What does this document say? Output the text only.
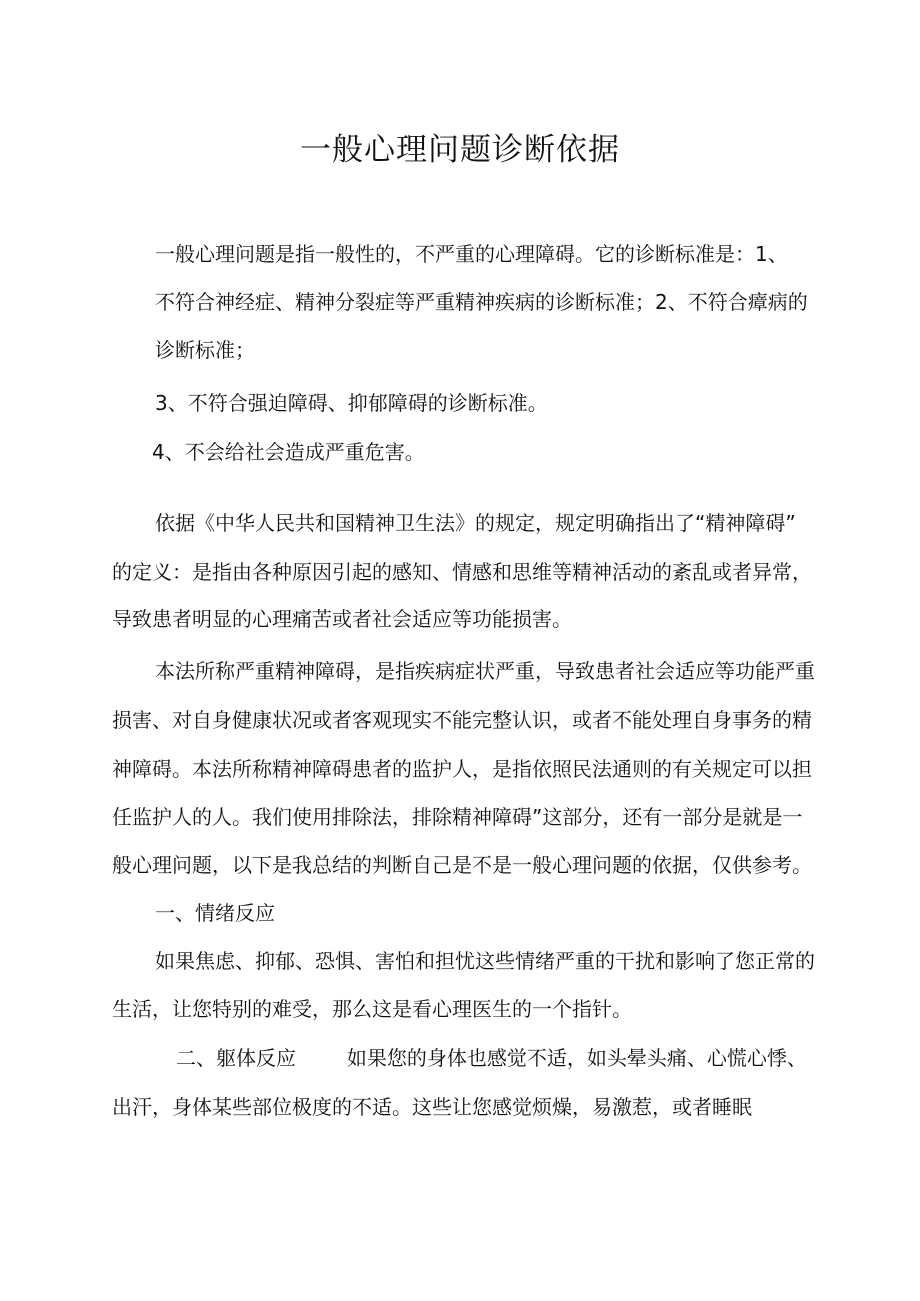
一般心理问题诊断依据
一般心理问题是指一般性的，不严重的心理障碍。它的诊断标准是：1、
不符合神经症、精神分裂症等严重精神疾病的诊断标准；2、不符合瘴病的
诊断标准；
3、不符合强迫障碍、抑郁障碍的诊断标准。
4、不会给社会造成严重危害。
依据《中华人民共和国精神卫生法》的规定，规定明确指出了“精神障碍”
的定义：是指由各种原因引起的感知、情感和思维等精神活动的紊乱或者异常，
导致患者明显的心理痛苦或者社会适应等功能损害。
本法所称严重精神障碍，是指疾病症状严重，导致患者社会适应等功能严重
损害、对自身健康状况或者客观现实不能完整认识，或者不能处理自身事务的精
神障碍。本法所称精神障碍患者的监护人，是指依照民法通则的有关规定可以担
任监护人的人。我们使用排除法，排除精神障碍”这部分，还有一部分是就是一
般心理问题，以下是我总结的判断自己是不是一般心理问题的依据，仅供参考。
一、情绪反应
如果焦虑、抑郁、恐惧、害怕和担忧这些情绪严重的干扰和影响了您正常的
生活，让您特别的难受，那么这是看心理医生的一个指针。
二、躯体反应        如果您的身体也感觉不适，如头晕头痛、心慌心悸、
出汗，身体某些部位极度的不适。这些让您感觉烦燥，易激惹，或者睡眠
